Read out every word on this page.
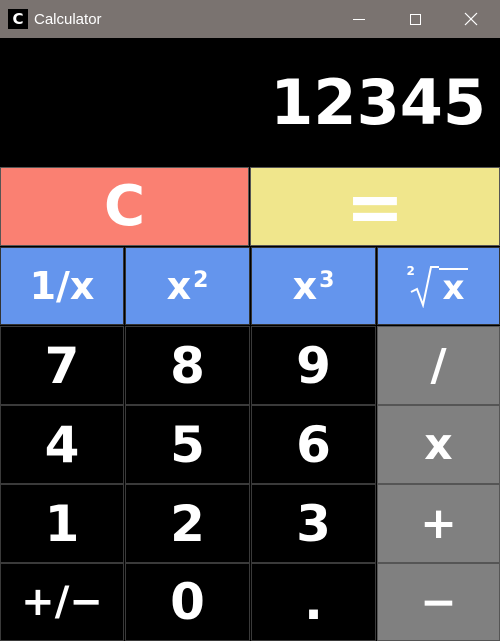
C Calculator
12345
C	=
1/x	$x^2$ $x^3$	2 x
7	8	9	/
4	5	6	x
1	2	3	+
+/−	0	.	−
